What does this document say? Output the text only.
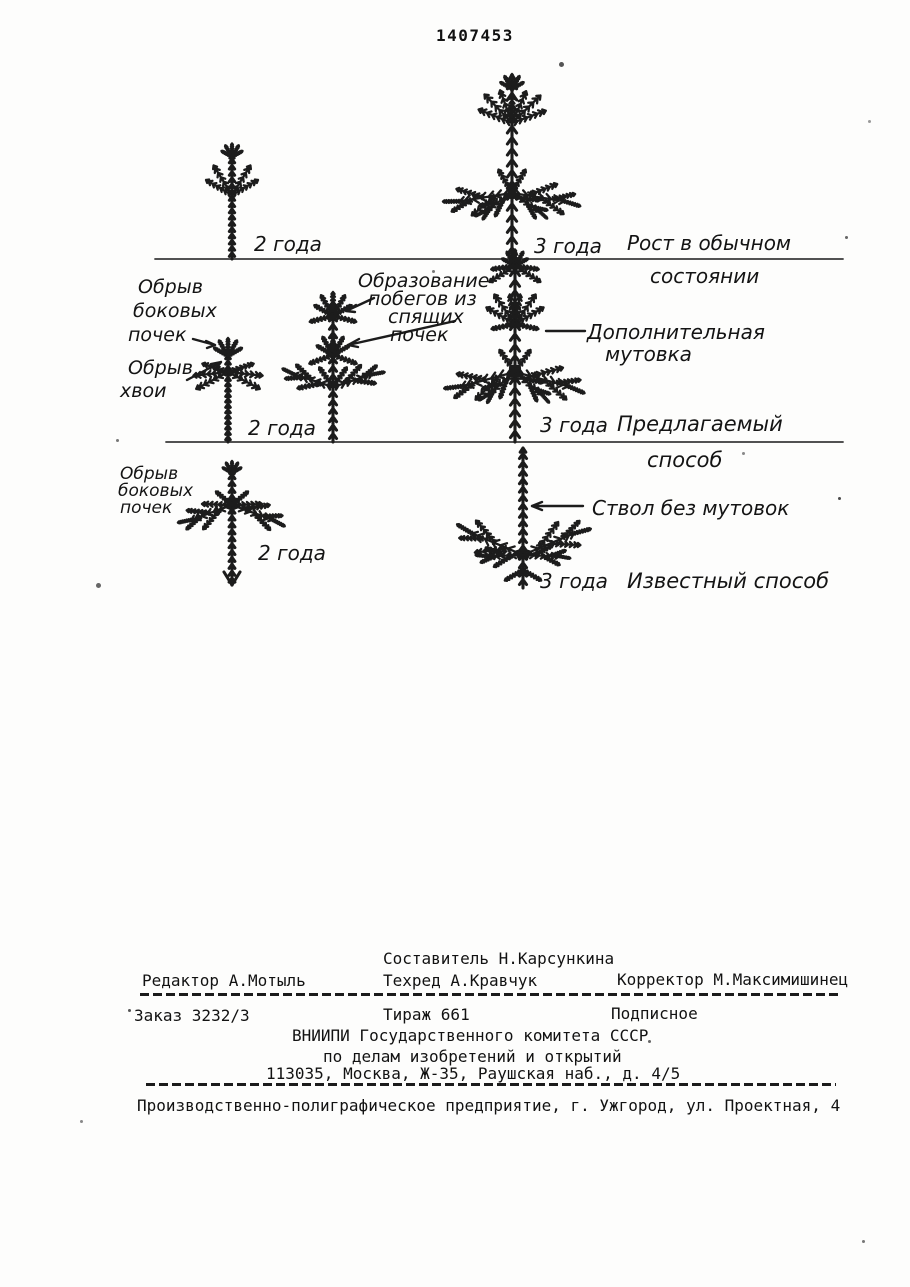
1407453
2 года	3 года Рост в обычном
состоянии
Обрыв
боковых
почек
Обрыв
хвои
Образование
побегов из
спящих
почек	Дополнительная
мутовка
2 года	3 года Предлагаемый
способ
Обрыв
боковых
почек
2 года
Ствол без мутовок
3 года Известный способ
Составитель Н.Карсункина
Редактор А.Мотыль	Техред А.Кравчук	Корректор М.Максимишинец
Заказ 3232/3	Тираж 661	Подписное
ВНИИПИ Государственного комитета СССР
по делам изобретений и открытий
113035, Москва, Ж-35, Раушская наб., д. 4/5
Производственно-полиграфическое предприятие, г. Ужгород, ул. Проектная, 4
